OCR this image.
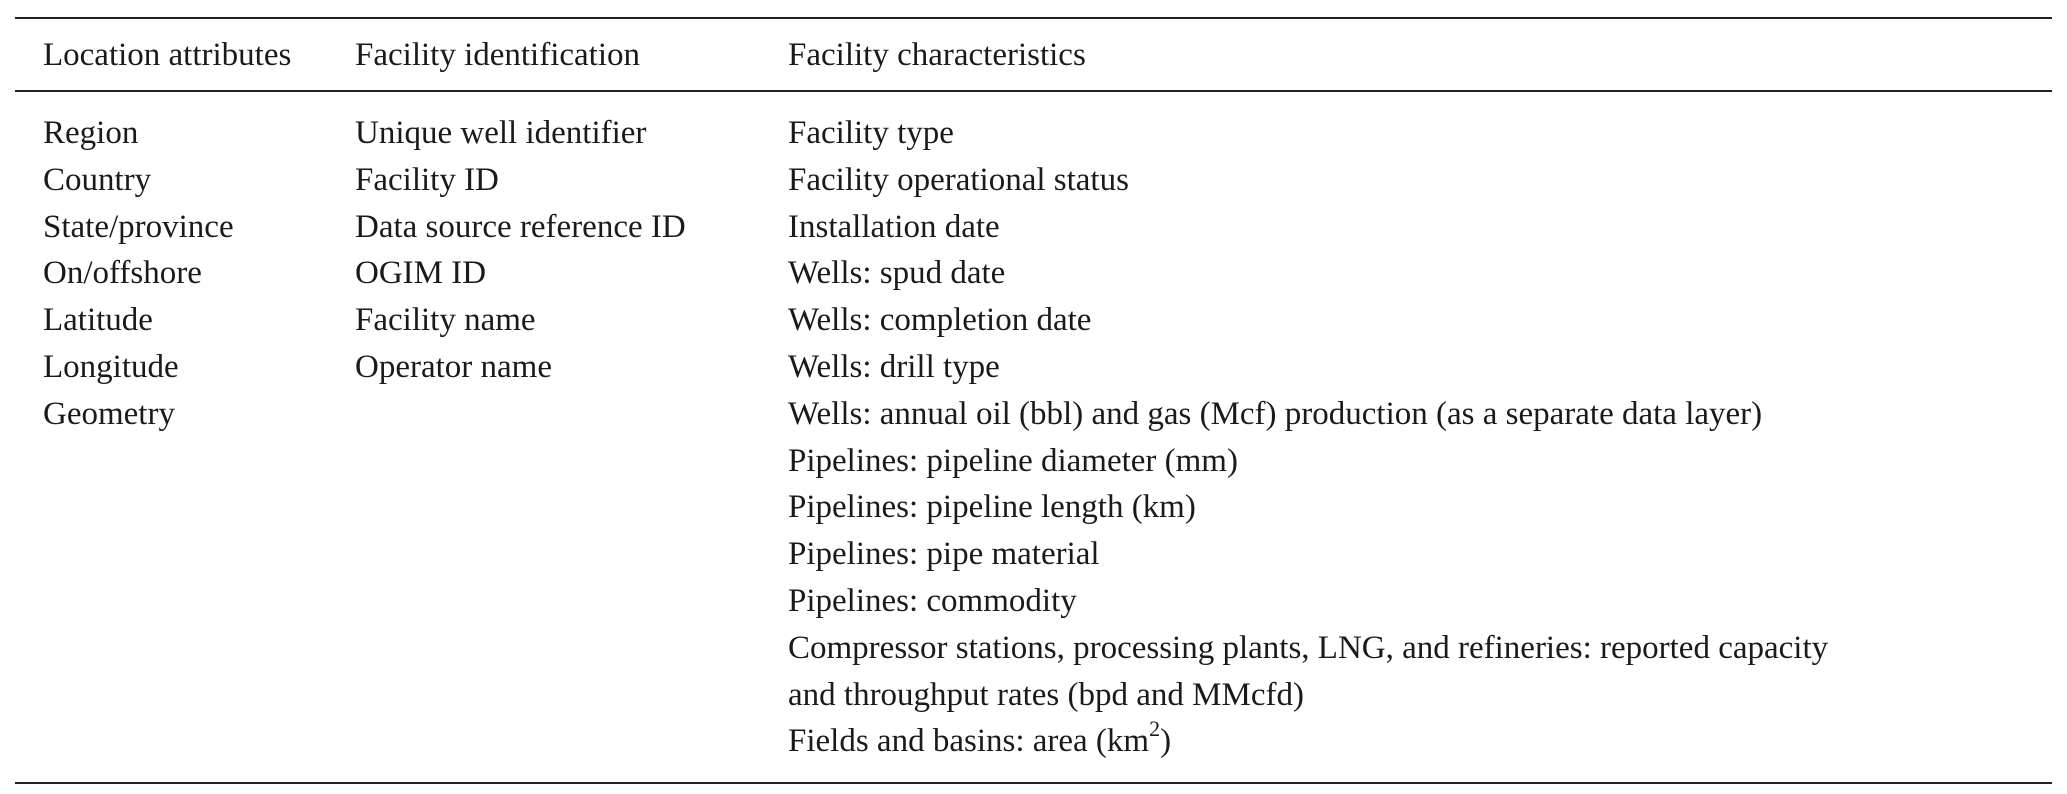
Location attributes	Facility identification	Facility characteristics
Region
Country
State/province
On/offshore
Latitude
Longitude
Geometry
Unique well identifier
Facility ID
Data source reference ID
OGIM ID
Facility name
Operator name
Facility type
Facility operational status
Installation date
Wells: spud date
Wells: completion date
Wells: drill type
Wells: annual oil (bbl) and gas (Mcf) production (as a separate data layer)
Pipelines: pipeline diameter (mm)
Pipelines: pipeline length (km)
Pipelines: pipe material
Pipelines: commodity
Compressor stations, processing plants, LNG, and refineries: reported capacity
and throughput rates (bpd and MMcfd)
Fields and basins: area $(km^2)$
